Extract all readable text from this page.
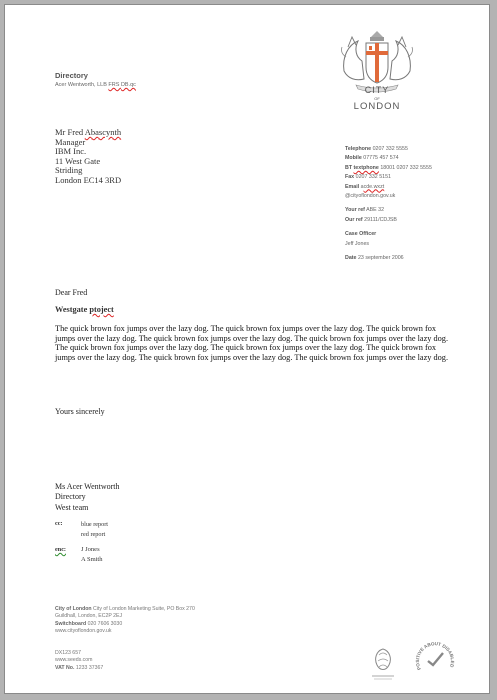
Directory
Acer Wentworth, LLB FRS DB.qc	CITY
OF
LONDON
Mr Fred Abascynth
Manager
IBM Inc.
11 West Gate
Striding
London EC14 3RD
Telephone 0207 332 5555
Mobile 07775 457 574
BT textphone 18001 0207 332 5555
Fax 0207 332 5151
Email acde.wxzt
@cityoflondon.gov.uk
Your ref ABE 32
Our ref 29111/CDJSB
Case Officer
Jeff Jones
Date 23 september 2006
Dear Fred
Westgate ptoject
The quick brown fox jumps over the lazy dog. The quick brown fox jumps over the lazy dog. The quick brown fox jumps over the lazy dog. The quick brown fox jumps over the lazy dog. The quick brown fox jumps over the lazy dog.
The quick brown fox jumps over the lazy dog. The quick brown fox jumps over the lazy dog. The quick brown fox jumps over the lazy dog. The quick brown fox jumps over the lazy dog. The quick brown fox jumps over the lazy dog.
Yours sincerely
Ms Acer Wentworth
Directory
West team
cc:	blue report
red report
enc: J Jones
A Smith
City of London City of London Marketing Suite, PO Box 270
Guildhall, London, EC2P 2EJ
Switchboard 020 7606 3030
www.cityoflondon.gov.uk
DX123 657
www.seeds.com
VAT No. 1233 37367	POSITIVE ABOUT DISABLED
